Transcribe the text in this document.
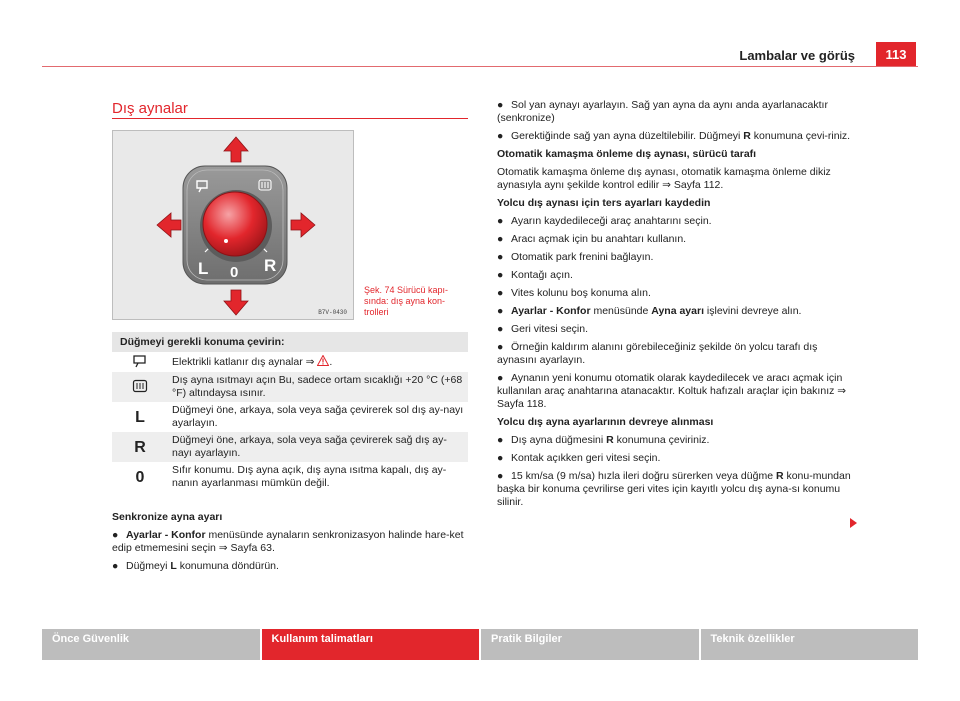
Lambalar ve görüş	113
Dış aynalar
L 0 R
B7V-0430
Şek. 74 Sürücü kapı-sında: dış ayna kon-trolleri
Düğmeyi gerekli konuma çevirin:	
	Elektrikli katlanır dış aynalar ⇒ .
	Dış ayna ısıtmayı açın Bu, sadece ortam sıcaklığı +20 °C (+68 °F) altındaysa ısınır.
L	Düğmeyi öne, arkaya, sola veya sağa çevirerek sol dış ay-nayı ayarlayın.
R	Düğmeyi öne, arkaya, sola veya sağa çevirerek sağ dış ay-nayı ayarlayın.
0	Sıfır konumu. Dış ayna açık, dış ayna ısıtma kapalı, dış ay-nanın ayarlanması mümkün değil.

Senkronize ayna ayarı

● Ayarlar - Konfor menüsünde aynaların senkronizasyon halinde hare-ket edip etmemesini seçin ⇒ Sayfa 63.

● Düğmeyi L konumuna döndürün.

● Sol yan aynayı ayarlayın. Sağ yan ayna da aynı anda ayarlanacaktır (senkronize)

● Gerektiğinde sağ yan ayna düzeltilebilir. Düğmeyi R konumuna çevi-riniz.

Otomatik kamaşma önleme dış aynası, sürücü tarafı

Otomatik kamaşma önleme dış aynası, otomatik kamaşma önleme dikiz aynasıyla aynı şekilde kontrol edilir ⇒ Sayfa 112.

Yolcu dış aynası için ters ayarları kaydedin

● Ayarın kaydedileceği araç anahtarını seçin.

● Aracı açmak için bu anahtarı kullanın.

● Otomatik park frenini bağlayın.

● Kontağı açın.

● Vites kolunu boş konuma alın.

● Ayarlar - Konfor menüsünde Ayna ayarı işlevini devreye alın.

● Geri vitesi seçin.

● Örneğin kaldırım alanını görebileceğiniz şekilde ön yolcu tarafı dış aynasını ayarlayın.

● Aynanın yeni konumu otomatik olarak kaydedilecek ve aracı açmak için kullanılan araç anahtarına atanacaktır. Koltuk hafızalı araçlar için bakınız ⇒ Sayfa 118.

Yolcu dış ayna ayarlarının devreye alınması

● Dış ayna düğmesini R konumuna çeviriniz.

● Kontak açıkken geri vitesi seçin.

● 15 km/sa (9 m/sa) hızla ileri doğru sürerken veya düğme R konu-mundan başka bir konuma çevrilirse geri vites için kayıtlı yolcu dış ayna-sı konumu silinir.

Önce Güvenlik	Kullanım talimatları	Pratik Bilgiler	Teknik özellikler
